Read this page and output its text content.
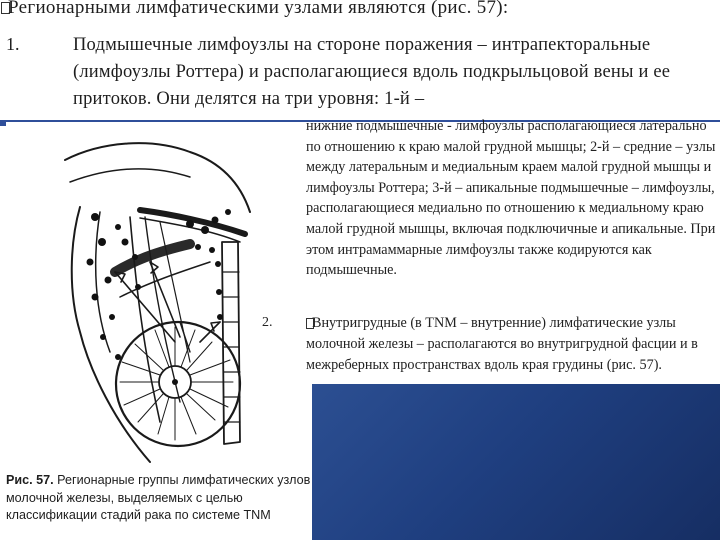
Регионарными лимфатическими узлами являются (рис. 57):
1.	Подмышечные лимфоузлы на стороне поражения – интрапекторальные (лимфоузлы Роттера) и располагающиеся вдоль подкрыльцовой вены и ее притоков. Они делятся на три уровня: 1-й –
нижние подмышечные - лимфоузлы располагающиеся латерально по отношению к краю малой грудной мышцы; 2-й – средние – узлы между латеральным и медиальным краем малой грудной мышцы и лимфоузлы Роттера; 3-й – апикальные подмышечные – лимфоузлы, располагающиеся медиально по отношению к медиальному краю малой грудной мышцы, включая подключичные и апикальные. При этом интрамаммарные лимфоузлы также кодируются как подмышечные.
2.	Внутригрудные (в TNM – внутренние) лимфатические узлы молочной железы – располагаются во внутригрудной фасции и в межреберных пространствах вдоль края грудины (рис. 57).
Рис. 57. Регионарные группы лимфатических узлов молочной железы, выделяемых с целью классификации стадий рака по системе TNM
